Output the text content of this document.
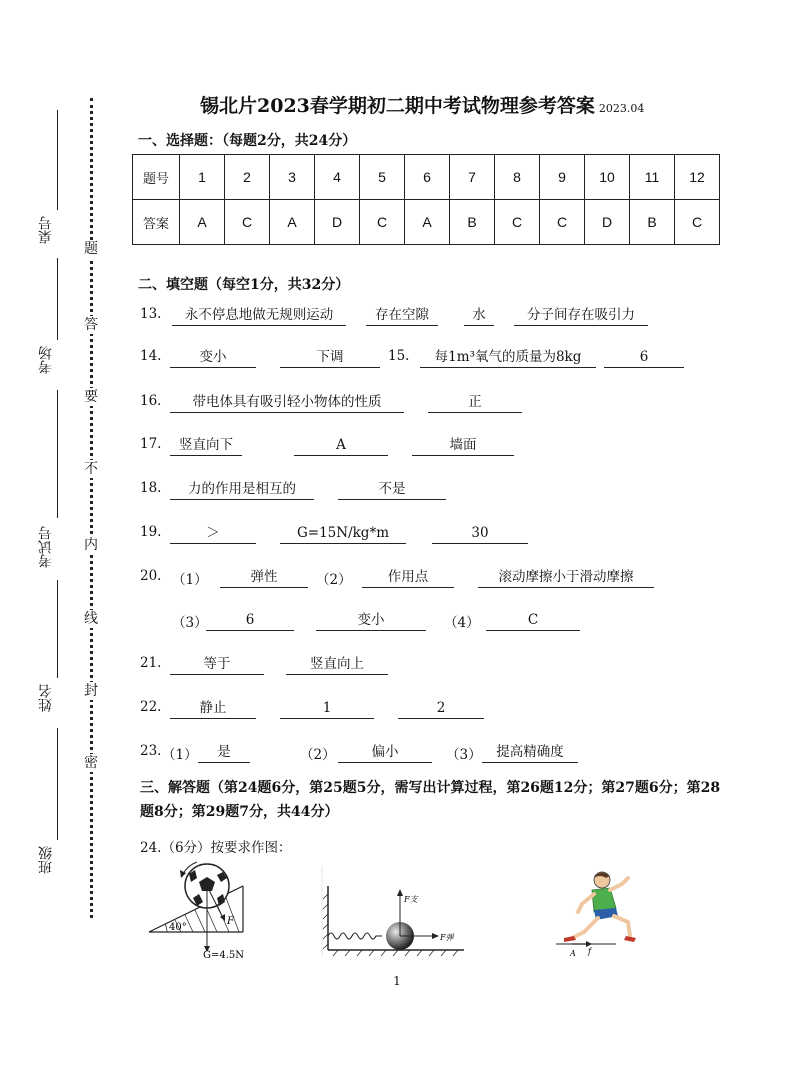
桌号
考场
考试号
姓名
班级
题
答
要
不
内
线
封
密
锡北片2023春学期初二期中考试物理参考答案 2023.04
一、选择题：（每题2分，共24分）
题号	1	2	3	4	5	6	7	8	9	10	11	12
答案	A	C	A	D	C	A	B	C	C	D	B	C
二、填空题（每空1分，共32分）
13.	永不停息地做无规则运动	存在空隙	水	分子间存在吸引力
14.	变小	下调	15.	每1m³氧气的质量为8kg	6
16.	带电体具有吸引轻小物体的性质	正
17.	竖直向下	A	墙面
18.	力的作用是相互的	不是
19.	＞	G=15N/kg*m	30
20. （1）	弹性	（2）	作用点	滚动摩擦小于滑动摩擦
（3）	6	变小	（4）	C
21.	等于	竖直向上
22.	静止	1	2
23. （1）	是	（2）	偏小	（3）	提高精确度
三、解答题（第24题6分，第25题5分，需写出计算过程，第26题12分；第27题6分；第28题8分；第29题7分，共44分）
24.（6分）按要求作图：
40°
F
G=4.5N
F支
F弹
A f
1
